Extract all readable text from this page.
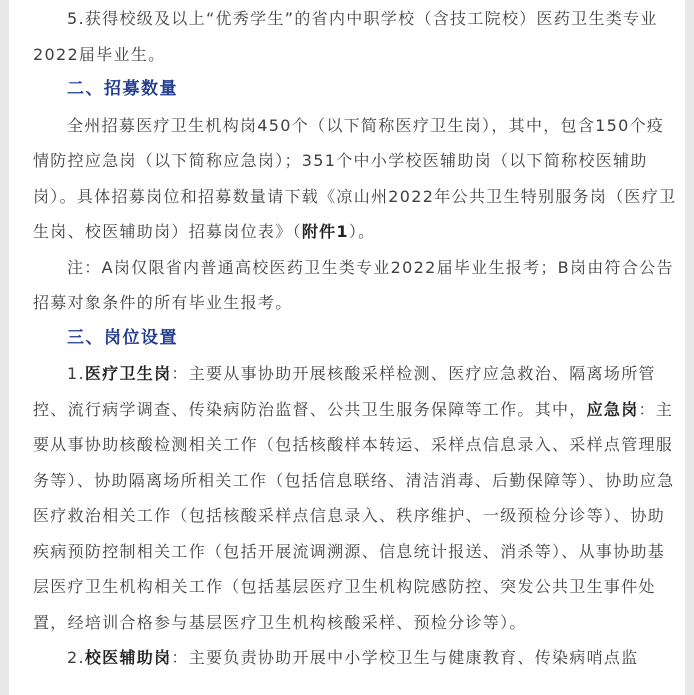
5.获得校级及以上“优秀学生”的省内中职学校（含技工院校）医药卫生类专业2022届毕业生。

二、招募数量

全州招募医疗卫生机构岗450个（以下简称医疗卫生岗），其中，包含150个疫情防控应急岗（以下简称应急岗）；351个中小学校医辅助岗（以下简称校医辅助岗）。具体招募岗位和招募数量请下载《凉山州2022年公共卫生特别服务岗（医疗卫生岗、校医辅助岗）招募岗位表》（附件1）。

注：A岗仅限省内普通高校医药卫生类专业2022届毕业生报考；B岗由符合公告招募对象条件的所有毕业生报考。

三、岗位设置

1.医疗卫生岗：主要从事协助开展核酸采样检测、医疗应急救治、隔离场所管控、流行病学调查、传染病防治监督、公共卫生服务保障等工作。其中，应急岗：主要从事协助核酸检测相关工作（包括核酸样本转运、采样点信息录入、采样点管理服务等）、协助隔离场所相关工作（包括信息联络、清洁消毒、后勤保障等）、协助应急医疗救治相关工作（包括核酸采样点信息录入、秩序维护、一级预检分诊等）、协助疾病预防控制相关工作（包括开展流调溯源、信息统计报送、消杀等）、从事协助基层医疗卫生机构相关工作（包括基层医疗卫生机构院感防控、突发公共卫生事件处置，经培训合格参与基层医疗卫生机构核酸采样、预检分诊等）。

2.校医辅助岗：主要负责协助开展中小学校卫生与健康教育、传染病哨点监
